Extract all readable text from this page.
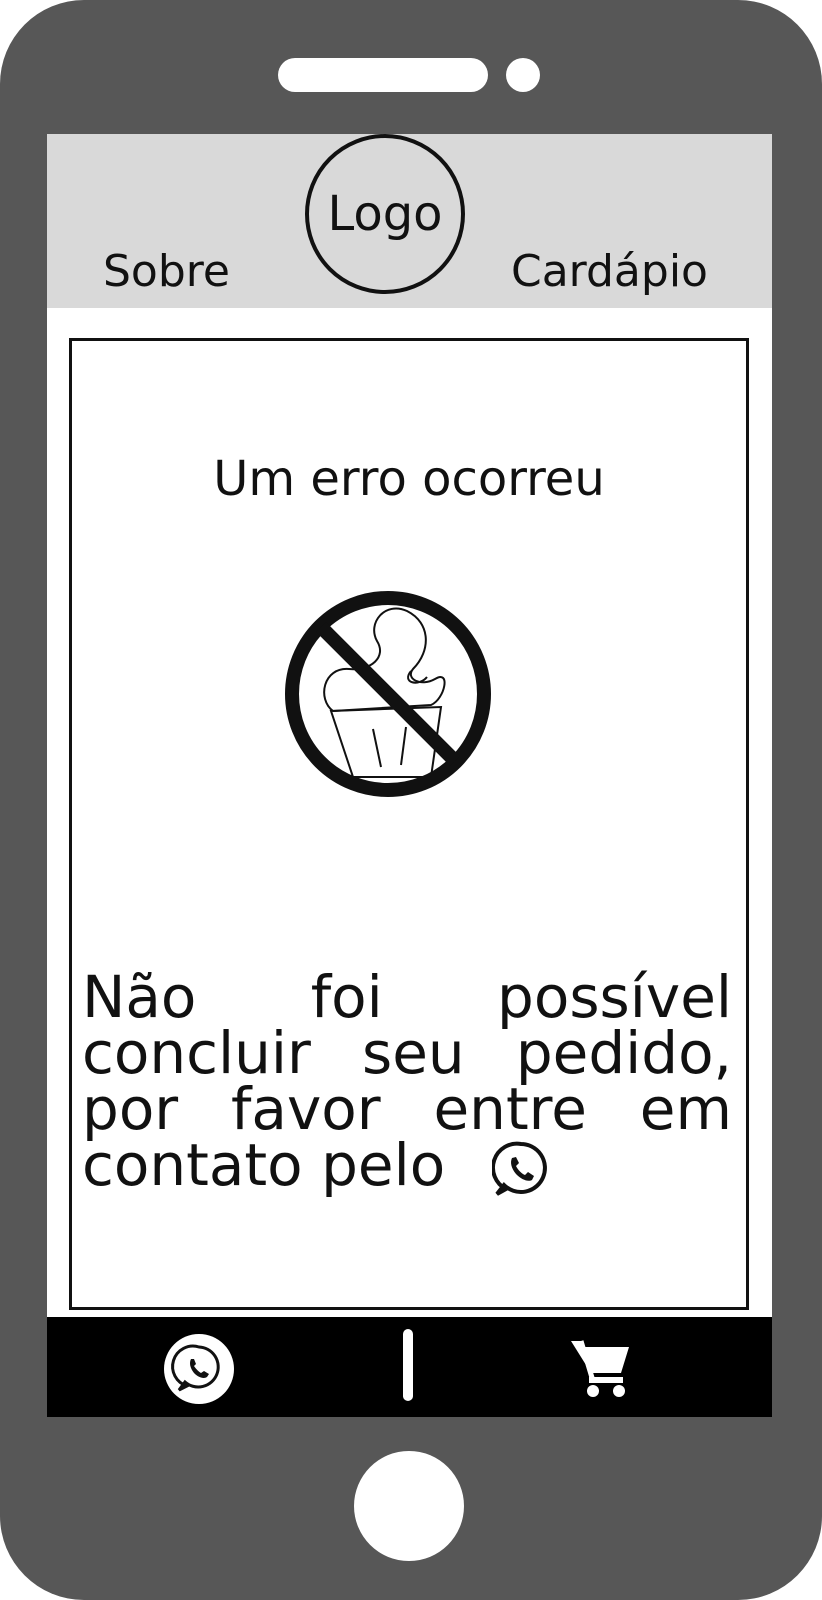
Sobre
Logo
Cardápio
Um erro ocorreu
Não foi possível concluir seu pedido, por favor entre em contato pelo
